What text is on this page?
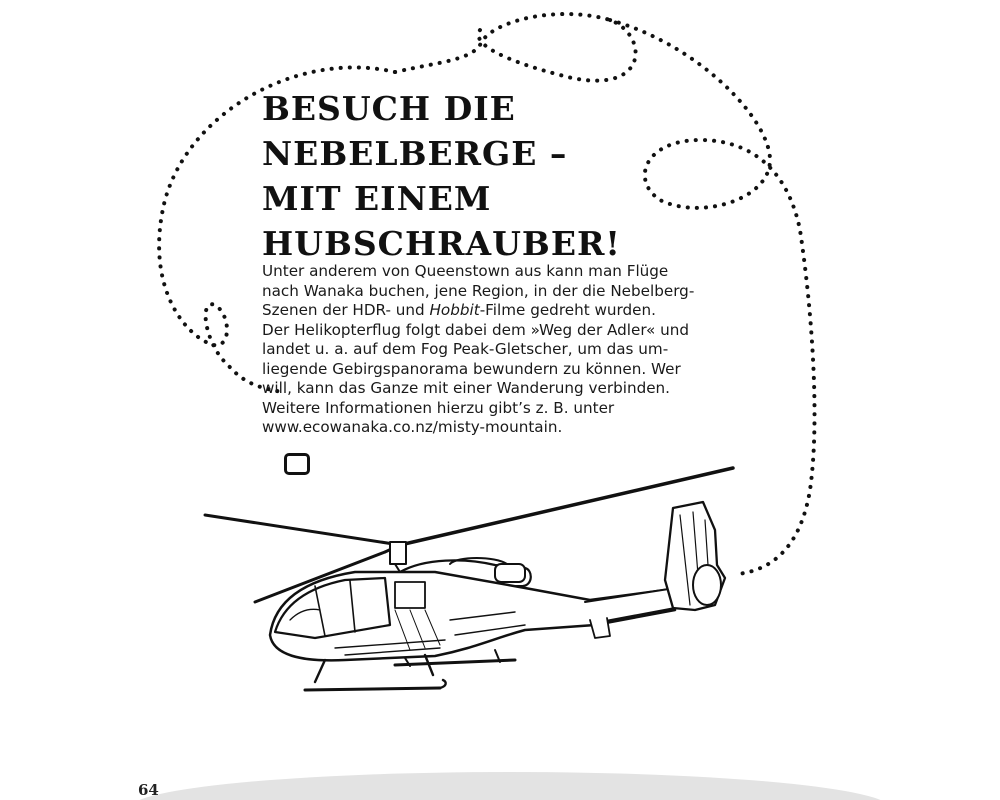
BESUCH DIE
NEBELBERGE –
MIT EINEM
HUBSCHRAUBER!

Unter anderem von Queenstown aus kann man Flüge
nach Wanaka buchen, jene Region, in der die Nebelberg-
Szenen der HDR- und Hobbit-Filme gedreht wurden.
Der Helikopterflug folgt dabei dem »Weg der Adler« und
landet u. a. auf dem Fog Peak-Gletscher, um das um-
liegende Gebirgspanorama bewundern zu können. Wer
will, kann das Ganze mit einer Wanderung verbinden.
Weitere Informationen hierzu gibt’s z. B. unter
www.ecowanaka.co.nz/misty-mountain.

64
